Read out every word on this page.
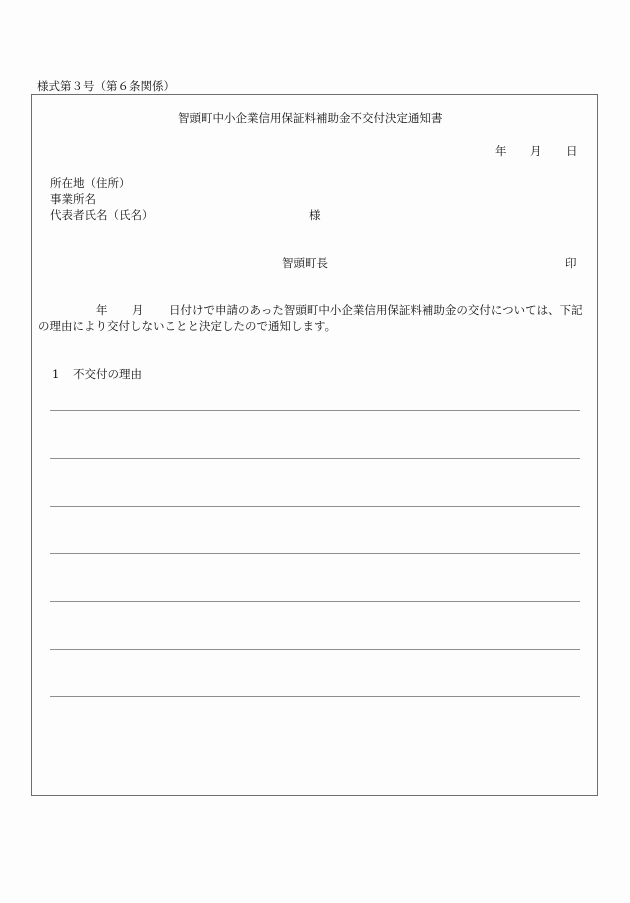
様式第３号（第６条関係）
智頭町中小企業信用保証料補助金不交付決定通知書
年 月 日
所在地（住所）
事業所名
代表者氏名（氏名）	様
智頭町長	印
年 月 日付けで申請のあった智頭町中小企業信用保証料補助金の交付については、下記
の理由により交付しないことと決定したので通知します。
1 不交付の理由
